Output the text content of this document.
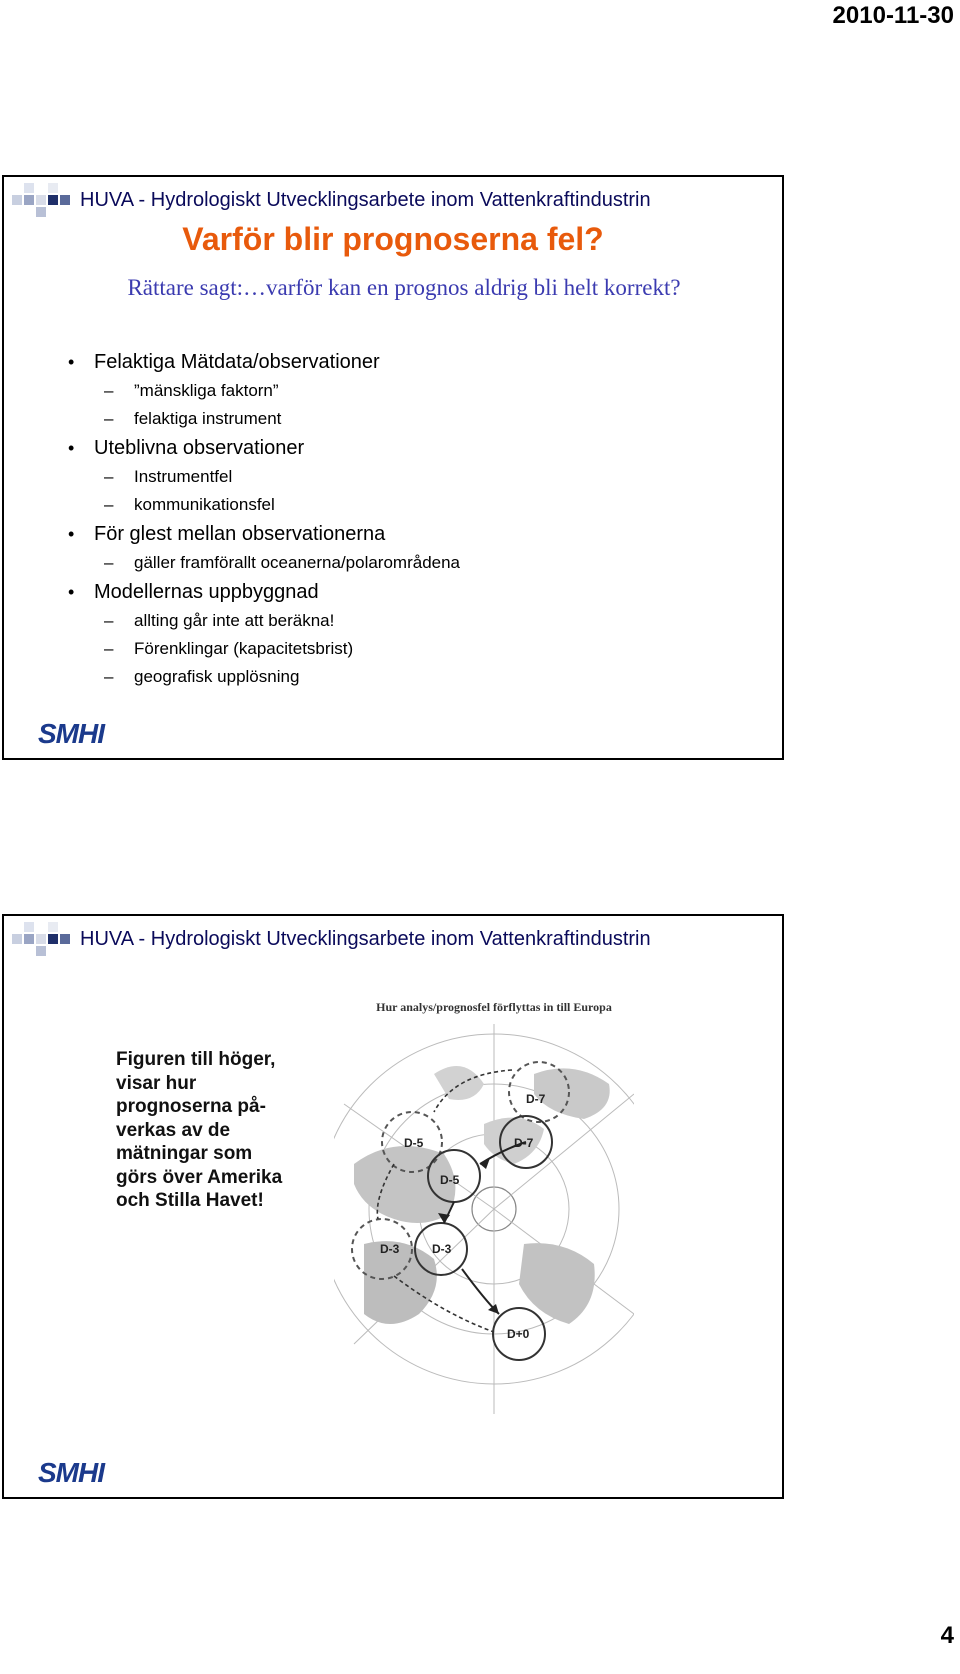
2010-11-30
HUVA - Hydrologiskt Utvecklingsarbete inom Vattenkraftindustrin
Varför blir prognoserna fel?
Rättare sagt:…varför kan en prognos aldrig bli helt korrekt?
• Felaktiga Mätdata/observationer
– ”mänskliga faktorn”
– felaktiga instrument
• Uteblivna observationer
– Instrumentfel
– kommunikationsfel
• För glest mellan observationerna
– gäller framförallt oceanerna/polarområdena
• Modellernas uppbyggnad
– allting går inte att beräkna!
– Förenklingar (kapacitetsbrist)
– geografisk upplösning
SMHI
HUVA - Hydrologiskt Utvecklingsarbete inom Vattenkraftindustrin
Figuren till höger, visar hur prognoserna på-verkas av de mätningar som görs över Amerika och Stilla Havet!
Hur analys/prognosfel förflyttas in till Europa
D-7
D-7
D-5
D-5
D-3	D-3
D+0
SMHI
4
